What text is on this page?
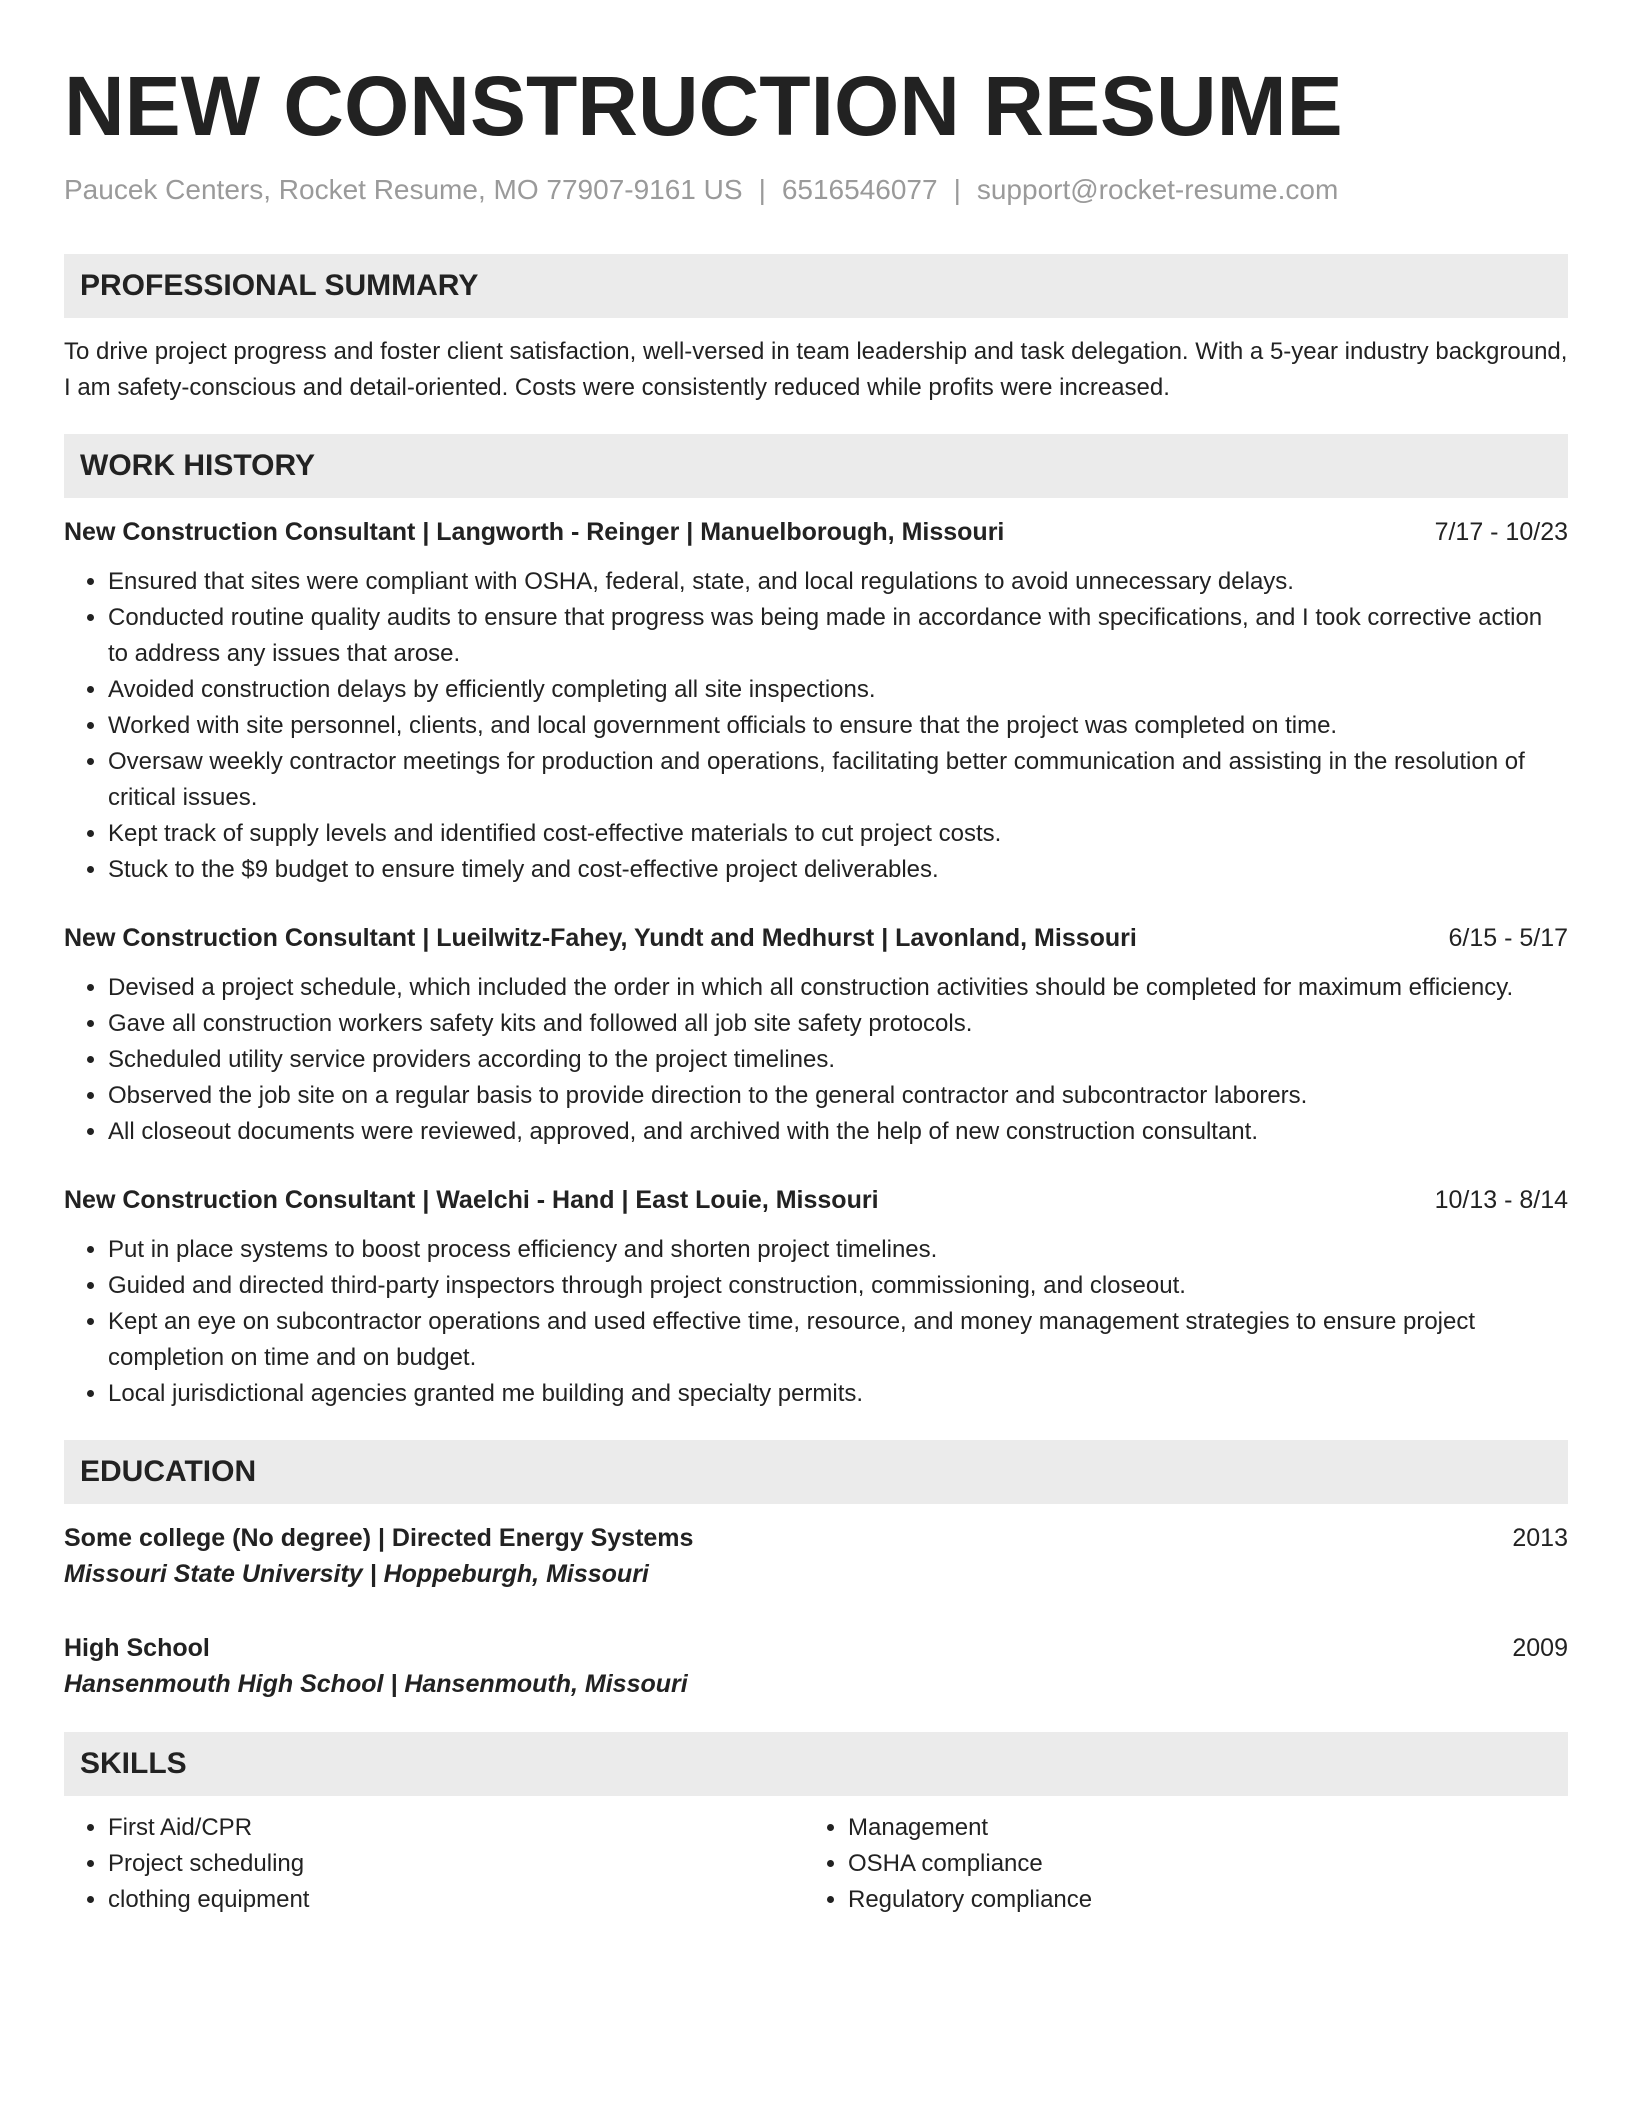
NEW CONSTRUCTION RESUME
Paucek Centers, Rocket Resume, MO 77907-9161 US | 6516546077 | support@rocket-resume.com
PROFESSIONAL SUMMARY

To drive project progress and foster client satisfaction, well-versed in team leadership and task delegation. With a 5-year industry background, I am safety-conscious and detail-oriented. Costs were consistently reduced while profits were increased.

WORK HISTORY
New Construction Consultant | Langworth - Reinger | Manuelborough, Missouri	7/17 - 10/23
• Ensured that sites were compliant with OSHA, federal, state, and local regulations to avoid unnecessary delays.
• Conducted routine quality audits to ensure that progress was being made in accordance with specifications, and I took corrective action to address any issues that arose.
• Avoided construction delays by efficiently completing all site inspections.
• Worked with site personnel, clients, and local government officials to ensure that the project was completed on time.
• Oversaw weekly contractor meetings for production and operations, facilitating better communication and assisting in the resolution of critical issues.
• Kept track of supply levels and identified cost-effective materials to cut project costs.
• Stuck to the $9 budget to ensure timely and cost-effective project deliverables.
New Construction Consultant | Lueilwitz-Fahey, Yundt and Medhurst | Lavonland, Missouri	6/15 - 5/17
• Devised a project schedule, which included the order in which all construction activities should be completed for maximum efficiency.
• Gave all construction workers safety kits and followed all job site safety protocols.
• Scheduled utility service providers according to the project timelines.
• Observed the job site on a regular basis to provide direction to the general contractor and subcontractor laborers.
• All closeout documents were reviewed, approved, and archived with the help of new construction consultant.
New Construction Consultant | Waelchi - Hand | East Louie, Missouri	10/13 - 8/14
• Put in place systems to boost process efficiency and shorten project timelines.
• Guided and directed third-party inspectors through project construction, commissioning, and closeout.
• Kept an eye on subcontractor operations and used effective time, resource, and money management strategies to ensure project completion on time and on budget.
• Local jurisdictional agencies granted me building and specialty permits.
EDUCATION
Some college (No degree) | Directed Energy Systems	2013
Missouri State University | Hoppeburgh, Missouri
High School	2009
Hansenmouth High School | Hansenmouth, Missouri
SKILLS
• First Aid/CPR
• Project scheduling
• clothing equipment
• Management
• OSHA compliance
• Regulatory compliance
